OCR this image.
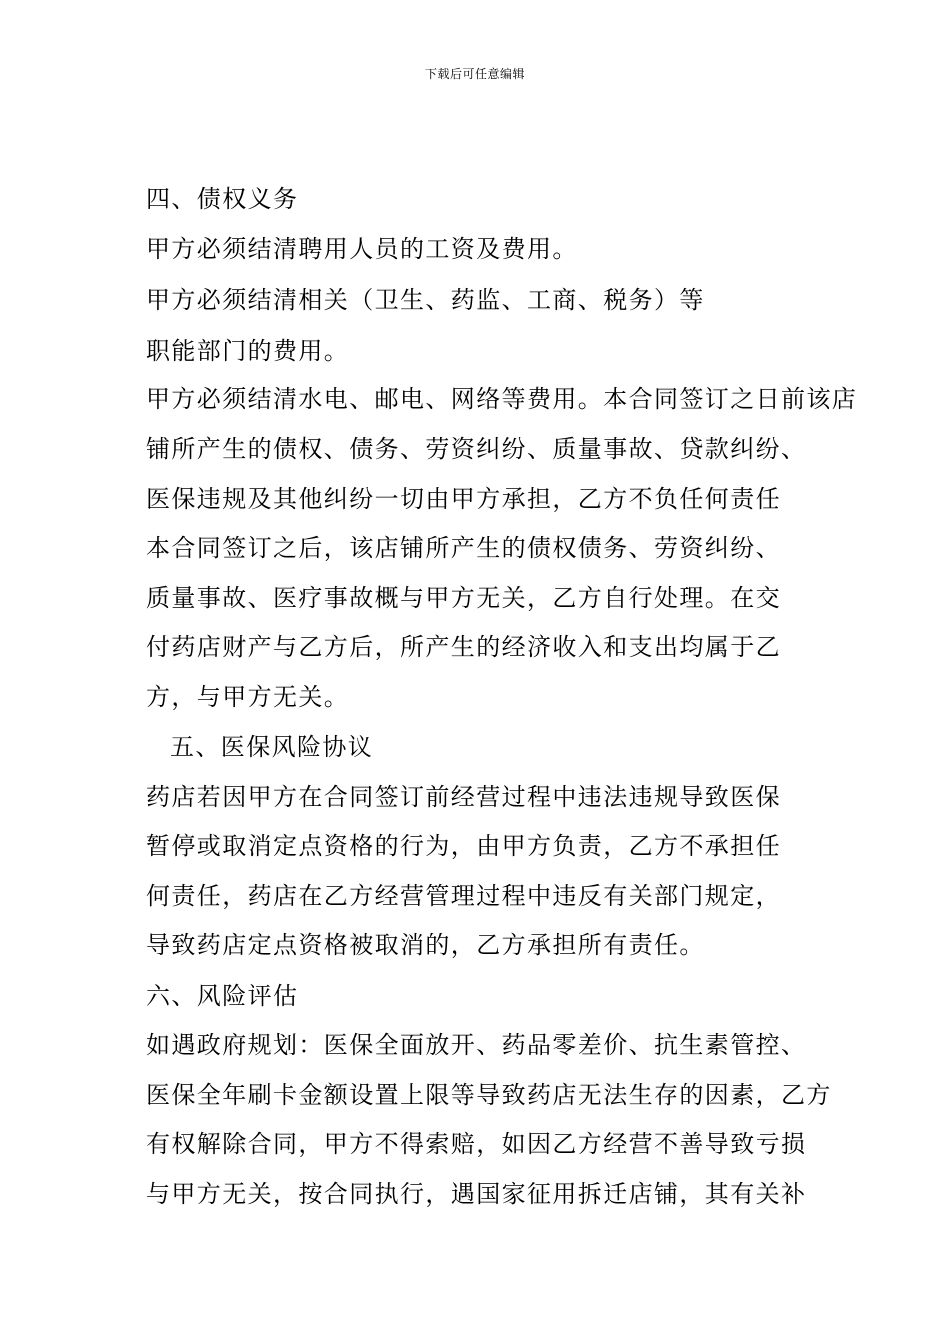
下载后可任意编辑
四、债权义务
甲方必须结清聘用人员的工资及费用。
甲方必须结清相关（卫生、药监、工商、税务）等
职能部门的费用。
甲方必须结清水电、邮电、网络等费用。本合同签订之日前该店
铺所产生的债权、债务、劳资纠纷、质量事故、贷款纠纷、
医保违规及其他纠纷一切由甲方承担，乙方不负任何责任
本合同签订之后，该店铺所产生的债权债务、劳资纠纷、
质量事故、医疗事故概与甲方无关，乙方自行处理。在交
付药店财产与乙方后，所产生的经济收入和支出均属于乙
方，与甲方无关。
五、医保风险协议
药店若因甲方在合同签订前经营过程中违法违规导致医保
暂停或取消定点资格的行为，由甲方负责，乙方不承担任
何责任，药店在乙方经营管理过程中违反有关部门规定，
导致药店定点资格被取消的，乙方承担所有责任。
六、风险评估
如遇政府规划：医保全面放开、药品零差价、抗生素管控、
医保全年刷卡金额设置上限等导致药店无法生存的因素，乙方
有权解除合同，甲方不得索赔，如因乙方经营不善导致亏损
与甲方无关，按合同执行，遇国家征用拆迁店铺，其有关补
